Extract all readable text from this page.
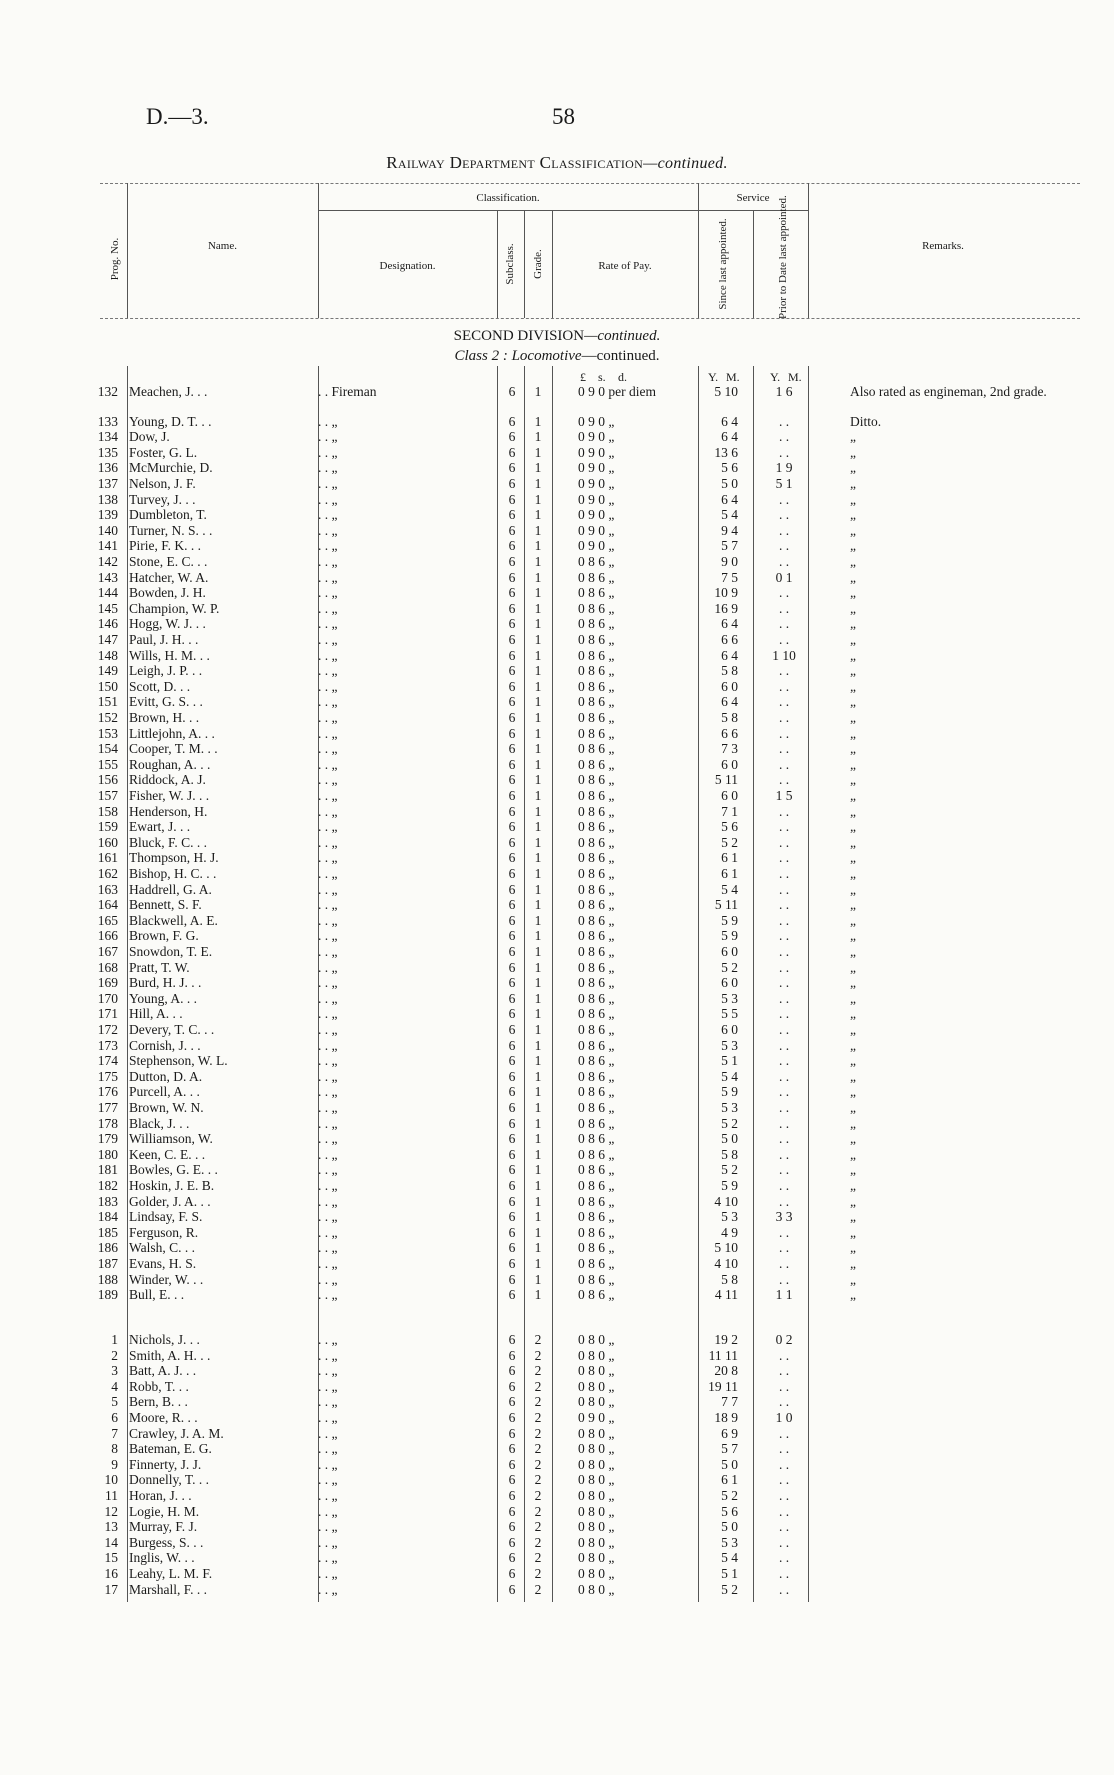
D.—3.	58
Railway Department Classification—continued.
Prog. No.	Name.
Classification.
Designation.	Subclass. Grade.	Rate of Pay.
Service
Since last appointed.	Prior to Date last appointed.	Remarks.
SECOND DIVISION—continued.
Class 2 : Locomotive—continued.
£ s. d.	Y. M.	Y. M.
132 Meachen, J. . .	. . Fireman	6	1	0 9 0 per diem	5 10	1 6	Also rated as engineman, 2nd grade.
133 Young, D. T. . .	. . „	6	1	0 9 0 „	6 4	. .	Ditto.
134 Dow, J.	. . „	6	1	0 9 0 „	6 4	. .	„
135 Foster, G. L.	. . „	6	1	0 9 0 „	13 6	. .	„
136 McMurchie, D.	. . „	6	1	0 9 0 „	5 6	1 9	„
137 Nelson, J. F.	. . „	6	1	0 9 0 „	5 0	5 1	„
138 Turvey, J. . .	. . „	6	1	0 9 0 „	6 4	. .	„
139 Dumbleton, T.	. . „	6	1	0 9 0 „	5 4	. .	„
140 Turner, N. S. . .	. . „	6	1	0 9 0 „	9 4	. .	„
141 Pirie, F. K. . .	. . „	6	1	0 9 0 „	5 7	. .	„
142 Stone, E. C. . .	. . „	6	1	0 8 6 „	9 0	. .	„
143 Hatcher, W. A.	. . „	6	1	0 8 6 „	7 5	0 1	„
144 Bowden, J. H.	. . „	6	1	0 8 6 „	10 9	. .	„
145 Champion, W. P.	. . „	6	1	0 8 6 „	16 9	. .	„
146 Hogg, W. J. . .	. . „	6	1	0 8 6 „	6 4	. .	„
147 Paul, J. H. . .	. . „	6	1	0 8 6 „	6 6	. .	„
148 Wills, H. M. . .	. . „	6	1	0 8 6 „	6 4	1 10	„
149 Leigh, J. P. . .	. . „	6	1	0 8 6 „	5 8	. .	„
150 Scott, D. . .	. . „	6	1	0 8 6 „	6 0	. .	„
151 Evitt, G. S. . .	. . „	6	1	0 8 6 „	6 4	. .	„
152 Brown, H. . .	. . „	6	1	0 8 6 „	5 8	. .	„
153 Littlejohn, A. . .	. . „	6	1	0 8 6 „	6 6	. .	„
154 Cooper, T. M. . .	. . „	6	1	0 8 6 „	7 3	. .	„
155 Roughan, A. . .	. . „	6	1	0 8 6 „	6 0	. .	„
156 Riddock, A. J.	. . „	6	1	0 8 6 „	5 11	. .	„
157 Fisher, W. J. . .	. . „	6	1	0 8 6 „	6 0	1 5	„
158 Henderson, H.	. . „	6	1	0 8 6 „	7 1	. .	„
159 Ewart, J. . .	. . „	6	1	0 8 6 „	5 6	. .	„
160 Bluck, F. C. . .	. . „	6	1	0 8 6 „	5 2	. .	„
161 Thompson, H. J.	. . „	6	1	0 8 6 „	6 1	. .	„
162 Bishop, H. C. . .	. . „	6	1	0 8 6 „	6 1	. .	„
163 Haddrell, G. A.	. . „	6	1	0 8 6 „	5 4	. .	„
164 Bennett, S. F.	. . „	6	1	0 8 6 „	5 11	. .	„
165 Blackwell, A. E.	. . „	6	1	0 8 6 „	5 9	. .	„
166 Brown, F. G.	. . „	6	1	0 8 6 „	5 9	. .	„
167 Snowdon, T. E.	. . „	6	1	0 8 6 „	6 0	. .	„
168 Pratt, T. W.	. . „	6	1	0 8 6 „	5 2	. .	„
169 Burd, H. J. . .	. . „	6	1	0 8 6 „	6 0	. .	„
170 Young, A. . .	. . „	6	1	0 8 6 „	5 3	. .	„
171 Hill, A. . .	. . „	6	1	0 8 6 „	5 5	. .	„
172 Devery, T. C. . .	. . „	6	1	0 8 6 „	6 0	. .	„
173 Cornish, J. . .	. . „	6	1	0 8 6 „	5 3	. .	„
174 Stephenson, W. L.	. . „	6	1	0 8 6 „	5 1	. .	„
175 Dutton, D. A.	. . „	6	1	0 8 6 „	5 4	. .	„
176 Purcell, A. . .	. . „	6	1	0 8 6 „	5 9	. .	„
177 Brown, W. N.	. . „	6	1	0 8 6 „	5 3	. .	„
178 Black, J. . .	. . „	6	1	0 8 6 „	5 2	. .	„
179 Williamson, W.	. . „	6	1	0 8 6 „	5 0	. .	„
180 Keen, C. E. . .	. . „	6	1	0 8 6 „	5 8	. .	„
181 Bowles, G. E. . .	. . „	6	1	0 8 6 „	5 2	. .	„
182 Hoskin, J. E. B.	. . „	6	1	0 8 6 „	5 9	. .	„
183 Golder, J. A. . .	. . „	6	1	0 8 6 „	4 10	. .	„
184 Lindsay, F. S.	. . „	6	1	0 8 6 „	5 3	3 3	„
185 Ferguson, R.	. . „	6	1	0 8 6 „	4 9	. .	„
186 Walsh, C. . .	. . „	6	1	0 8 6 „	5 10	. .	„
187 Evans, H. S.	. . „	6	1	0 8 6 „	4 10	. .	„
188 Winder, W. . .	. . „	6	1	0 8 6 „	5 8	. .	„
189 Bull, E. . .	. . „	6	1	0 8 6 „	4 11	1 1	„
1 Nichols, J. . .	. . „	6	2	0 8 0 „	19 2	0 2
2 Smith, A. H. . .	. . „	6	2	0 8 0 „	11 11	. .
3 Batt, A. J. . .	. . „	6	2	0 8 0 „	20 8	. .
4 Robb, T. . .	. . „	6	2	0 8 0 „	19 11	. .
5 Bern, B. . .	. . „	6	2	0 8 0 „	7 7	. .
6 Moore, R. . .	. . „	6	2	0 9 0 „	18 9	1 0
7 Crawley, J. A. M.	. . „	6	2	0 8 0 „	6 9	. .
8 Bateman, E. G.	. . „	6	2	0 8 0 „	5 7	. .
9 Finnerty, J. J.	. . „	6	2	0 8 0 „	5 0	. .
10 Donnelly, T. . .	. . „	6	2	0 8 0 „	6 1	. .
11 Horan, J. . .	. . „	6	2	0 8 0 „	5 2	. .
12 Logie, H. M.	. . „	6	2	0 8 0 „	5 6	. .
13 Murray, F. J.	. . „	6	2	0 8 0 „	5 0	. .
14 Burgess, S. . .	. . „	6	2	0 8 0 „	5 3	. .
15 Inglis, W. . .	. . „	6	2	0 8 0 „	5 4	. .
16 Leahy, L. M. F.	. . „	6	2	0 8 0 „	5 1	. .
17 Marshall, F. . .	. . „	6	2	0 8 0 „	5 2	. .
